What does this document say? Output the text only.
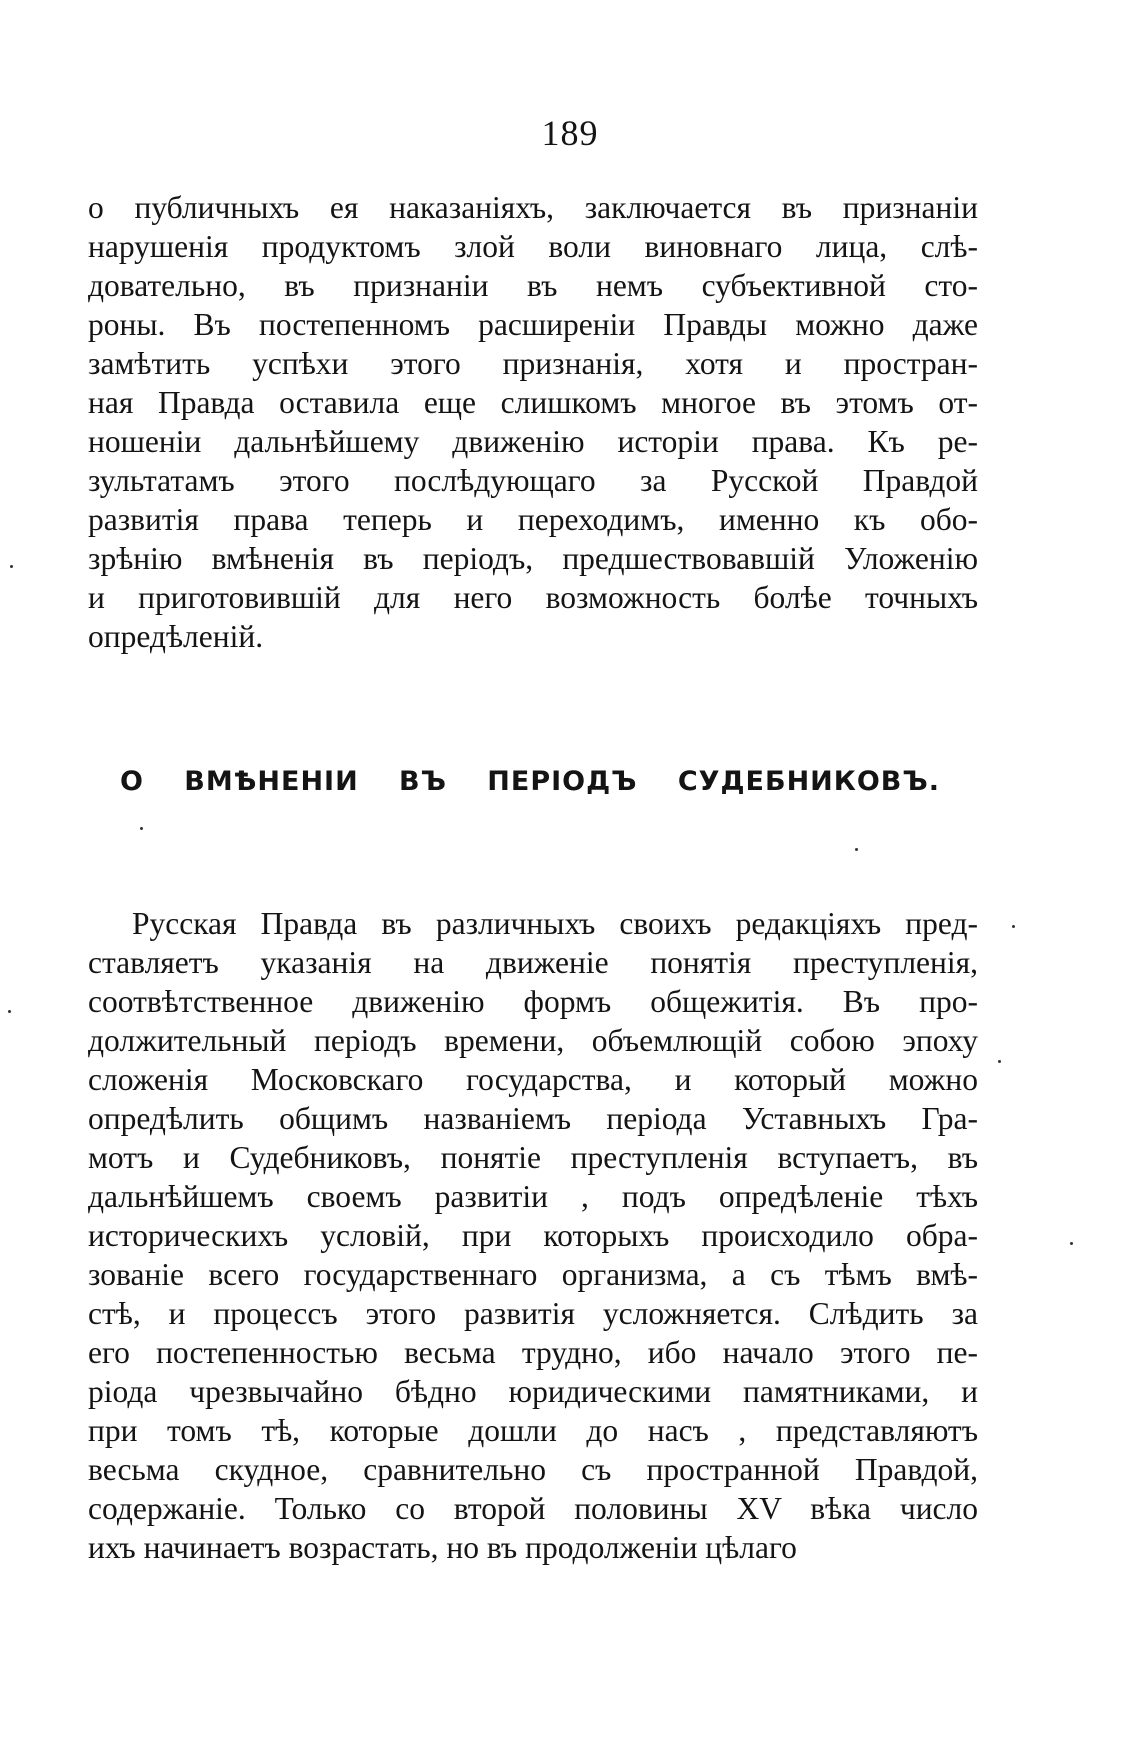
189
о публичныхъ ея наказаніяхъ, заключается въ признаніи
нарушенія продуктомъ злой воли виновнаго лица, слѣ-
довательно, въ признаніи въ немъ субъективной сто-
роны. Въ постепенномъ расширеніи Правды можно даже
замѣтить успѣхи этого признанія, хотя и простран-
ная Правда оставила еще слишкомъ многое въ этомъ от-
ношеніи дальнѣйшему движенію исторіи права. Къ ре-
зультатамъ этого послѣдующаго за Русской Правдой
развитія права теперь и переходимъ, именно къ обо-
зрѣнію вмѣненія въ періодъ, предшествовавшій Уложенію
и приготовившій для него возможность болѣе точныхъ
опредѣленій.
О ВМѢНЕНІИ ВЪ ПЕРІОДЪ СУДЕБНИКОВЪ.
Русская Правда въ различныхъ своихъ редакціяхъ пред-
ставляетъ указанія на движеніе понятія преступленія,
соотвѣтственное движенію формъ общежитія. Въ про-
должительный періодъ времени, объемлющій собою эпоху
сложенія Московскаго государства, и который можно
опредѣлить общимъ названіемъ періода Уставныхъ Гра-
мотъ и Судебниковъ, понятіе преступленія вступаетъ, въ
дальнѣйшемъ своемъ развитіи , подъ опредѣленіе тѣхъ
историческихъ условій, при которыхъ происходило обра-
зованіе всего государственнаго организма, а съ тѣмъ вмѣ-
стѣ, и процессъ этого развитія усложняется. Слѣдить за
его постепенностью весьма трудно, ибо начало этого пе-
ріода чрезвычайно бѣдно юридическими памятниками, и
при томъ тѣ, которые дошли до насъ , представляютъ
весьма скудное, сравнительно съ пространной Правдой,
содержаніе. Только со второй половины XV вѣка число
ихъ начинаетъ возрастать, но въ продолженіи цѣлаго
